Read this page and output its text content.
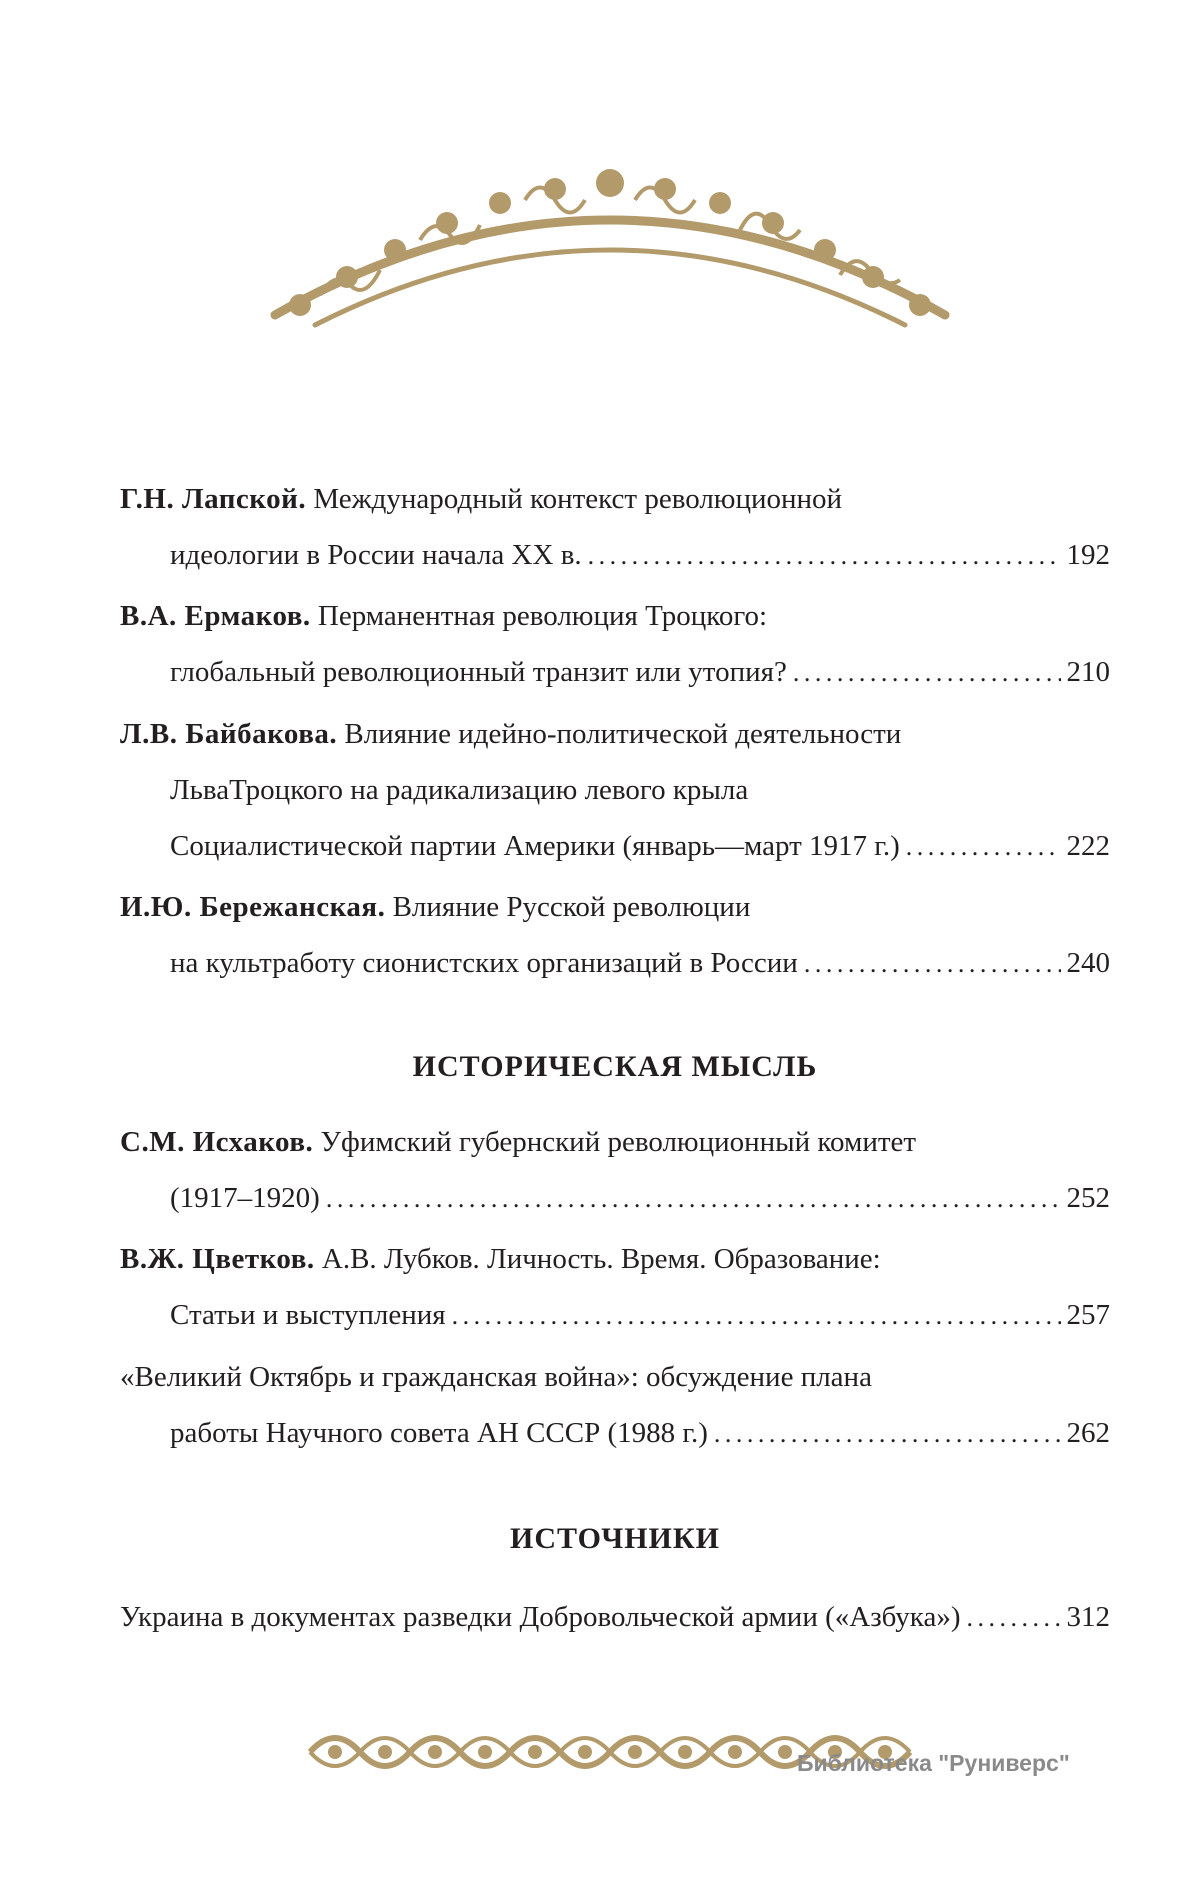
Г.Н. Лапской. Международный контекст революционной
идеологии в России начала XX в. .....	192
В.А. Ермаков. Перманентная революция Троцкого:
глобальный революционный транзит или утопия? .....	210
Л.В. Байбакова. Влияние идейно-политической деятельности
ЛьваТроцкого на радикализацию левого крыла
Социалистической партии Америки (январь—март 1917 г.) .....	222
И.Ю. Бережанская. Влияние Русской революции
на культработу сионистских организаций в России .....	240
ИСТОРИЧЕСКАЯ МЫСЛЬ
С.М. Исхаков. Уфимский губернский революционный комитет
(1917–1920) .....	252
В.Ж. Цветков. А.В. Лубков. Личность. Время. Образование:
Статьи и выступления .....	257
«Великий Октябрь и гражданская война»: обсуждение плана
работы Научного совета АН СССР (1988 г.) .....	262
ИСТОЧНИКИ
Украина в документах разведки Добровольческой армии («Азбука») .....	312
Библиотека "Руниверс"
